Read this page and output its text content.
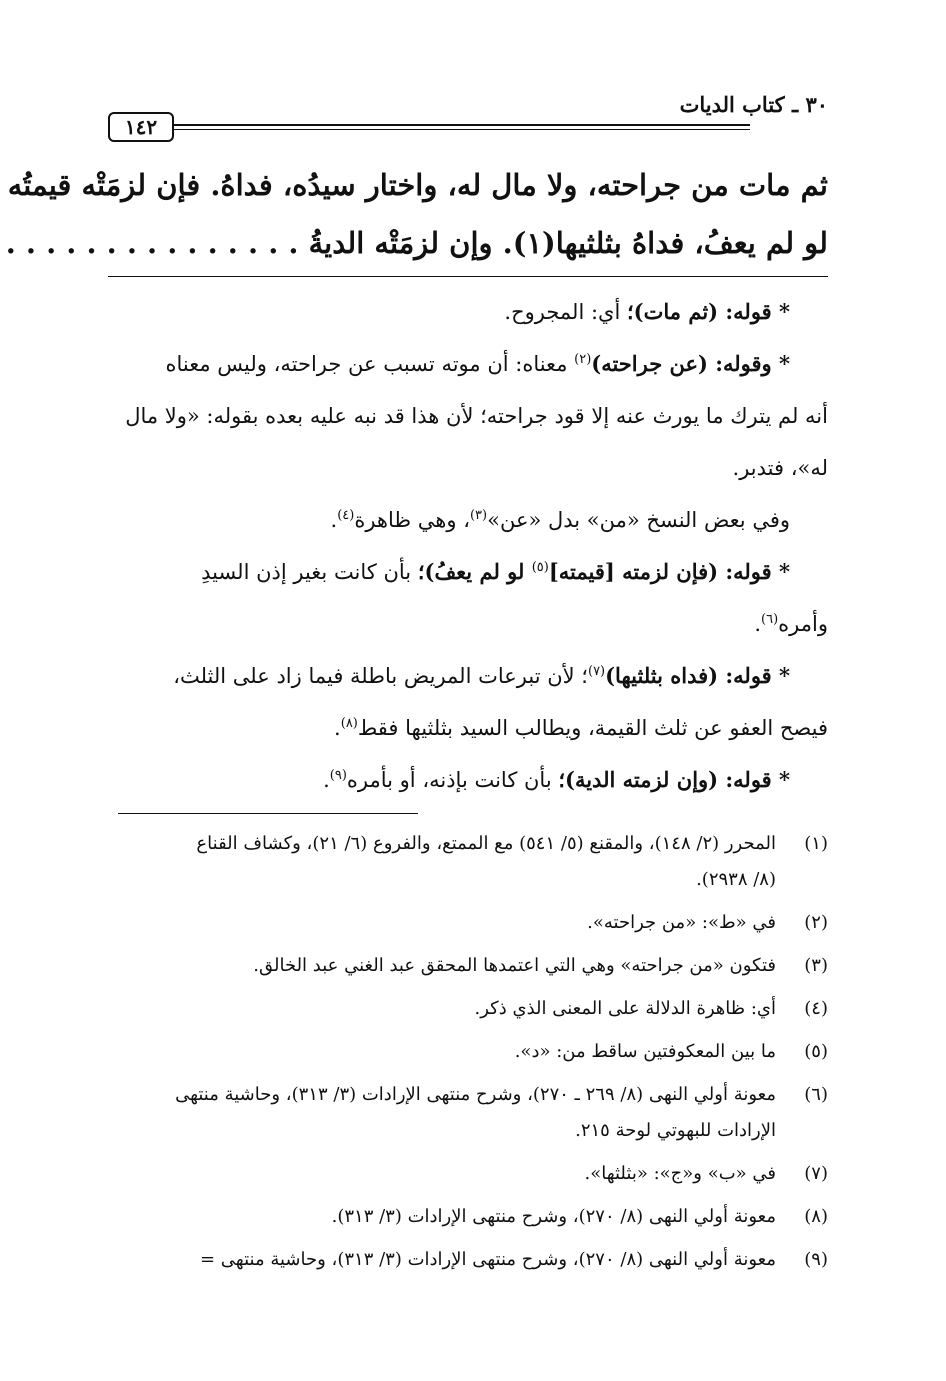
٣٠ ـ كتاب الديات
١٤٢
ثم مات من جراحته، ولا مال له، واختار سيدُه، فداهُ. فإن لزمَتْه قيمتُه
لو لم يعفُ، فداهُ بثلثيها(١). وإن لزمَتْه الديةُ . . . . . . . . . . . . . . .
* قوله: (ثم مات)؛ أي: المجروح.
* وقوله: (عن جراحته)$^{(٢)}$ معناه: أن موته تسبب عن جراحته، وليس معناه
أنه لم يترك ما يورث عنه إلا قود جراحته؛ لأن هذا قد نبه عليه بعده بقوله: «ولا مال
له»، فتدبر.
وفي بعض النسخ «من» بدل «عن»$^{(٣)}$، وهي ظاهرة$^{(٤)}$.
* قوله: (فإن لزمته [قيمته]$^{(٥)}$ لو لم يعفُ)؛ بأن كانت بغير إذن السيدِ
وأمره$^{(٦)}$.
* قوله: (فداه بثلثيها)$^{(٧)}$؛ لأن تبرعات المريض باطلة فيما زاد على الثلث،
فيصح العفو عن ثلث القيمة، ويطالب السيد بثلثيها فقط$^{(٨)}$.
* قوله: (وإن لزمته الدية)؛ بأن كانت بإذنه، أو بأمره$^{(٩)}$.
(١)
المحرر (٢/ ١٤٨)، والمقنع (٥/ ٥٤١) مع الممتع، والفروع (٦/ ٢١)، وكشاف القناع
(٨/ ٢٩٣٨).
(٢)
في «ط»: «من جراحته».
(٣)
فتكون «من جراحته» وهي التي اعتمدها المحقق عبد الغني عبد الخالق.
(٤)
أي: ظاهرة الدلالة على المعنى الذي ذكر.
(٥)
ما بين المعكوفتين ساقط من: «د».
(٦)
معونة أولي النهى (٨/ ٢٦٩ ـ ٢٧٠)، وشرح منتهى الإرادات (٣/ ٣١٣)، وحاشية منتهى
الإرادات للبهوتي لوحة ٢١٥.
(٧)
في «ب» و«ج»: «بثلثها».
(٨)
معونة أولي النهى (٨/ ٢٧٠)، وشرح منتهى الإرادات (٣/ ٣١٣).
(٩)
معونة أولي النهى (٨/ ٢٧٠)، وشرح منتهى الإرادات (٣/ ٣١٣)، وحاشية منتهى =
